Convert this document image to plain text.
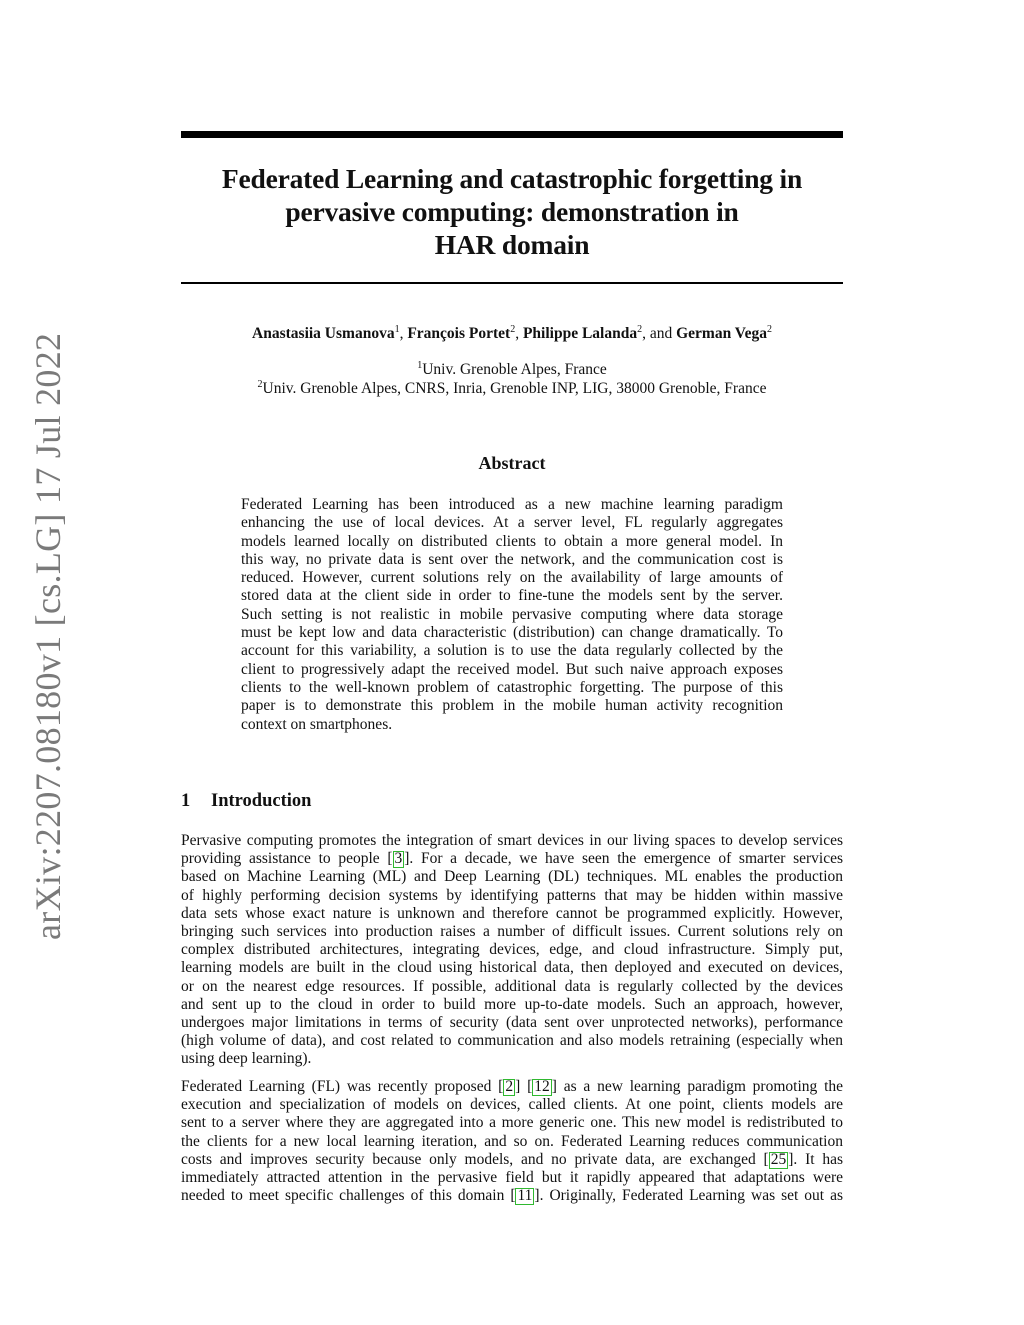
arXiv:2207.08180v1 [cs.LG] 17 Jul 2022
Federated Learning and catastrophic forgetting in
pervasive computing: demonstration in
HAR domain
Anastasiia Usmanova$^1$, François Portet$^2$, Philippe Lalanda$^2$, and German Vega$^2$
$^1$Univ. Grenoble Alpes, France
$^2$Univ. Grenoble Alpes, CNRS, Inria, Grenoble INP, LIG, 38000 Grenoble, France
Abstract
Federated Learning has been introduced as a new machine learning paradigm
enhancing the use of local devices. At a server level, FL regularly aggregates
models learned locally on distributed clients to obtain a more general model. In
this way, no private data is sent over the network, and the communication cost is
reduced. However, current solutions rely on the availability of large amounts of
stored data at the client side in order to fine-tune the models sent by the server.
Such setting is not realistic in mobile pervasive computing where data storage
must be kept low and data characteristic (distribution) can change dramatically. To
account for this variability, a solution is to use the data regularly collected by the
client to progressively adapt the received model. But such naive approach exposes
clients to the well-known problem of catastrophic forgetting. The purpose of this
paper is to demonstrate this problem in the mobile human activity recognition
context on smartphones.
1 Introduction
Pervasive computing promotes the integration of smart devices in our living spaces to develop services
providing assistance to people [ 3 ]. For a decade, we have seen the emergence of smarter services
based on Machine Learning (ML) and Deep Learning (DL) techniques. ML enables the production
of highly performing decision systems by identifying patterns that may be hidden within massive
data sets whose exact nature is unknown and therefore cannot be programmed explicitly. However,
bringing such services into production raises a number of difficult issues. Current solutions rely on
complex distributed architectures, integrating devices, edge, and cloud infrastructure. Simply put,
learning models are built in the cloud using historical data, then deployed and executed on devices,
or on the nearest edge resources. If possible, additional data is regularly collected by the devices
and sent up to the cloud in order to build more up-to-date models. Such an approach, however,
undergoes major limitations in terms of security (data sent over unprotected networks), performance
(high volume of data), and cost related to communication and also models retraining (especially when
using deep learning).
Federated Learning (FL) was recently proposed [ 2 ] [ 12 ] as a new learning paradigm promoting the
execution and specialization of models on devices, called clients. At one point, clients models are
sent to a server where they are aggregated into a more generic one. This new model is redistributed to
the clients for a new local learning iteration, and so on. Federated Learning reduces communication
costs and improves security because only models, and no private data, are exchanged [ 25 ]. It has
immediately attracted attention in the pervasive field but it rapidly appeared that adaptations were
needed to meet specific challenges of this domain [ 11 ]. Originally, Federated Learning was set out as
